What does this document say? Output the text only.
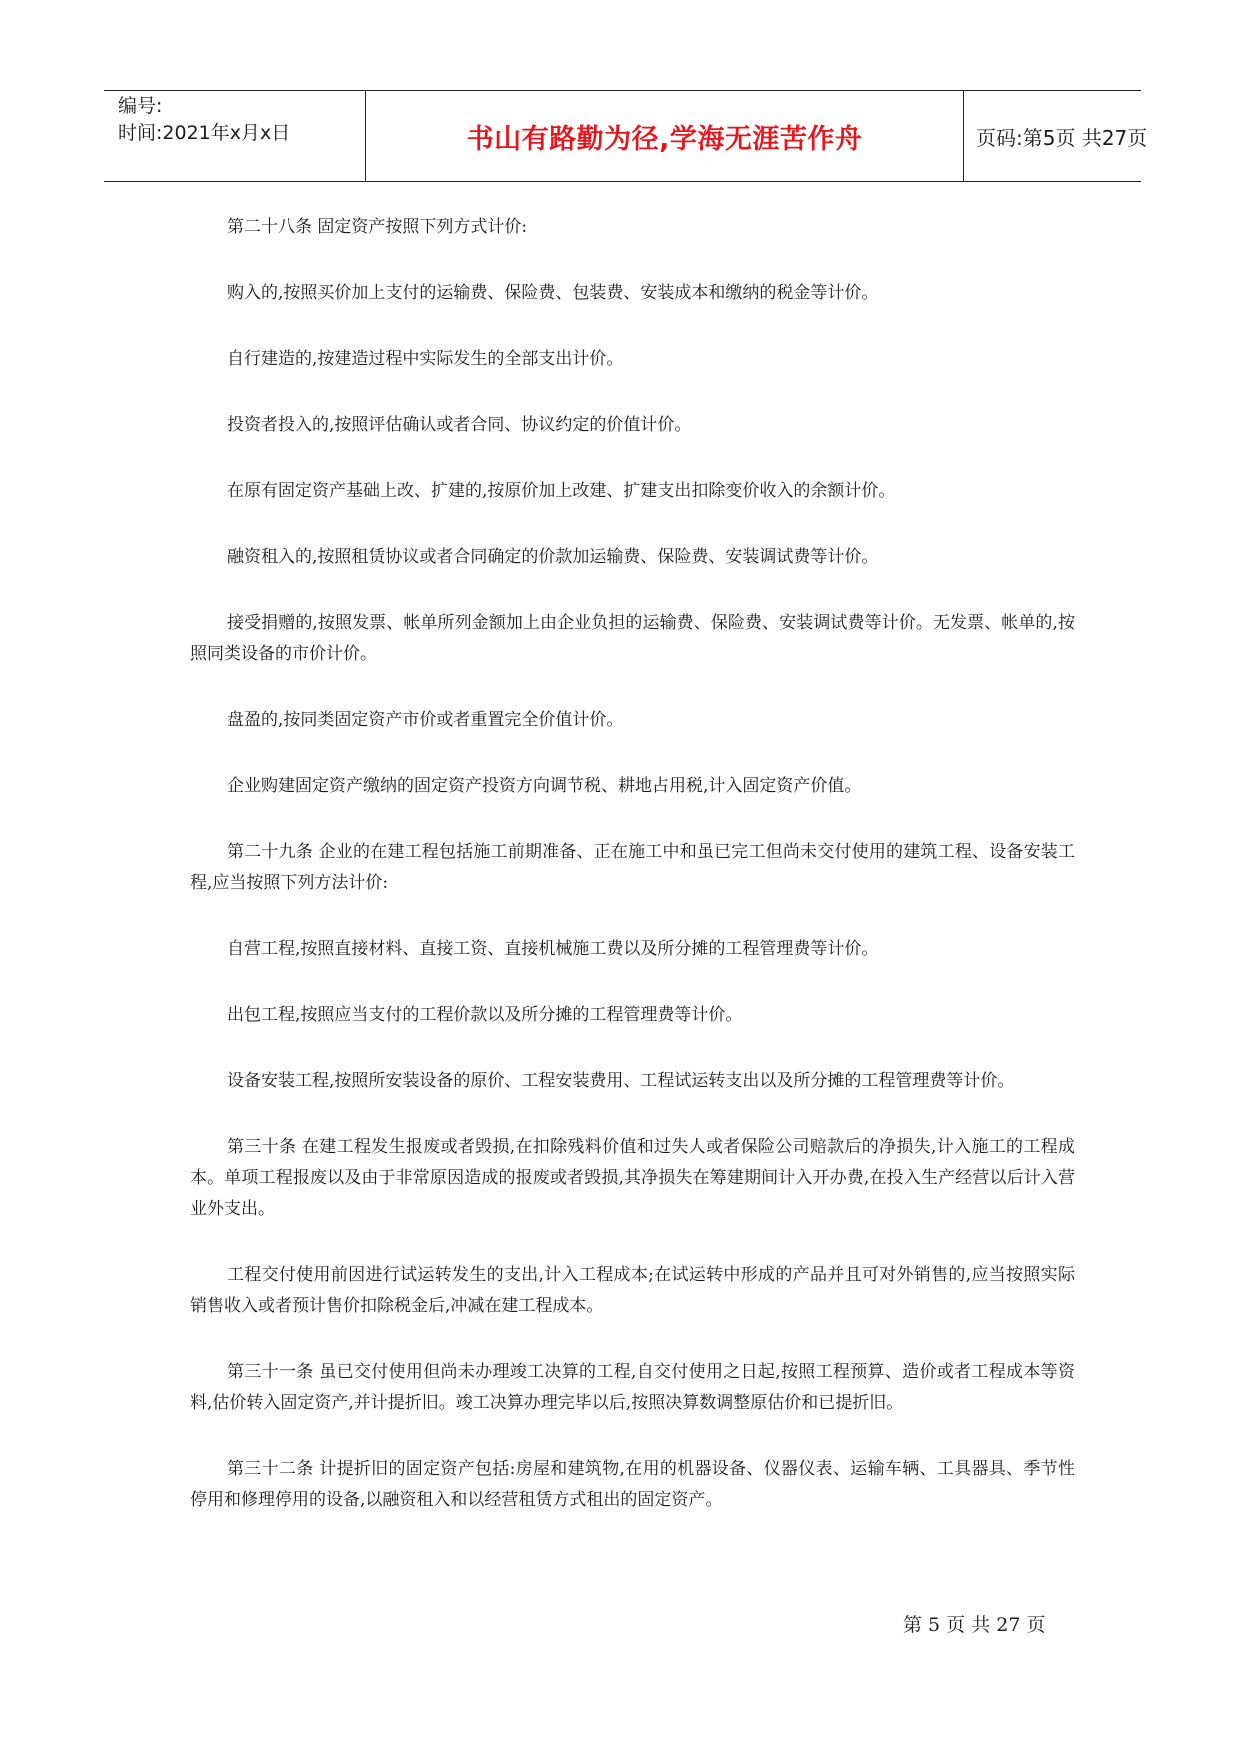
编号:
时间:2021年x月x日	书山有路勤为径,学海无涯苦作舟	页码:第5页 共27页

第二十八条 固定资产按照下列方式计价:

购入的,按照买价加上支付的运输费、保险费、包装费、安装成本和缴纳的税金等计价。

自行建造的,按建造过程中实际发生的全部支出计价。

投资者投入的,按照评估确认或者合同、协议约定的价值计价。

在原有固定资产基础上改、扩建的,按原价加上改建、扩建支出扣除变价收入的余额计价。

融资租入的,按照租赁协议或者合同确定的价款加运输费、保险费、安装调试费等计价。

接受捐赠的,按照发票、帐单所列金额加上由企业负担的运输费、保险费、安装调试费等计价。无发票、帐单的,按照同类设备的市价计价。

盘盈的,按同类固定资产市价或者重置完全价值计价。

企业购建固定资产缴纳的固定资产投资方向调节税、耕地占用税,计入固定资产价值。

第二十九条 企业的在建工程包括施工前期准备、正在施工中和虽已完工但尚未交付使用的建筑工程、设备安装工程,应当按照下列方法计价:

自营工程,按照直接材料、直接工资、直接机械施工费以及所分摊的工程管理费等计价。

出包工程,按照应当支付的工程价款以及所分摊的工程管理费等计价。

设备安装工程,按照所安装设备的原价、工程安装费用、工程试运转支出以及所分摊的工程管理费等计价。

第三十条 在建工程发生报废或者毁损,在扣除残料价值和过失人或者保险公司赔款后的净损失,计入施工的工程成本。单项工程报废以及由于非常原因造成的报废或者毁损,其净损失在筹建期间计入开办费,在投入生产经营以后计入营业外支出。

工程交付使用前因进行试运转发生的支出,计入工程成本;在试运转中形成的产品并且可对外销售的,应当按照实际销售收入或者预计售价扣除税金后,冲减在建工程成本。

第三十一条 虽已交付使用但尚未办理竣工决算的工程,自交付使用之日起,按照工程预算、造价或者工程成本等资料,估价转入固定资产,并计提折旧。竣工决算办理完毕以后,按照决算数调整原估价和已提折旧。

第三十二条 计提折旧的固定资产包括:房屋和建筑物,在用的机器设备、仪器仪表、运输车辆、工具器具、季节性停用和修理停用的设备,以融资租入和以经营租赁方式租出的固定资产。

第 5 页 共 27 页
